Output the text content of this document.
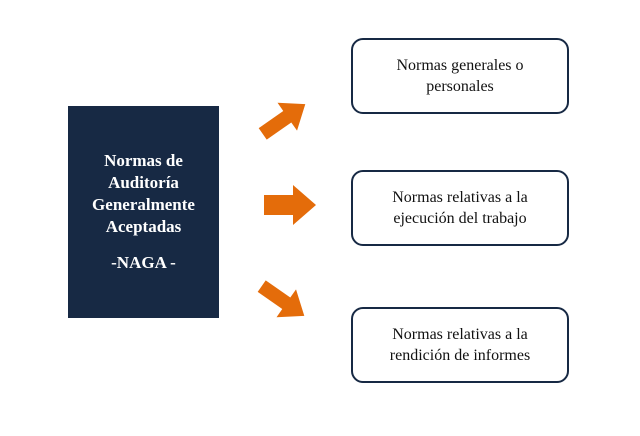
Normas de Auditoría Generalmente Aceptadas
-NAGA -
Normas generales o personales
Normas relativas a la ejecución del trabajo
Normas relativas a la rendición de informes
